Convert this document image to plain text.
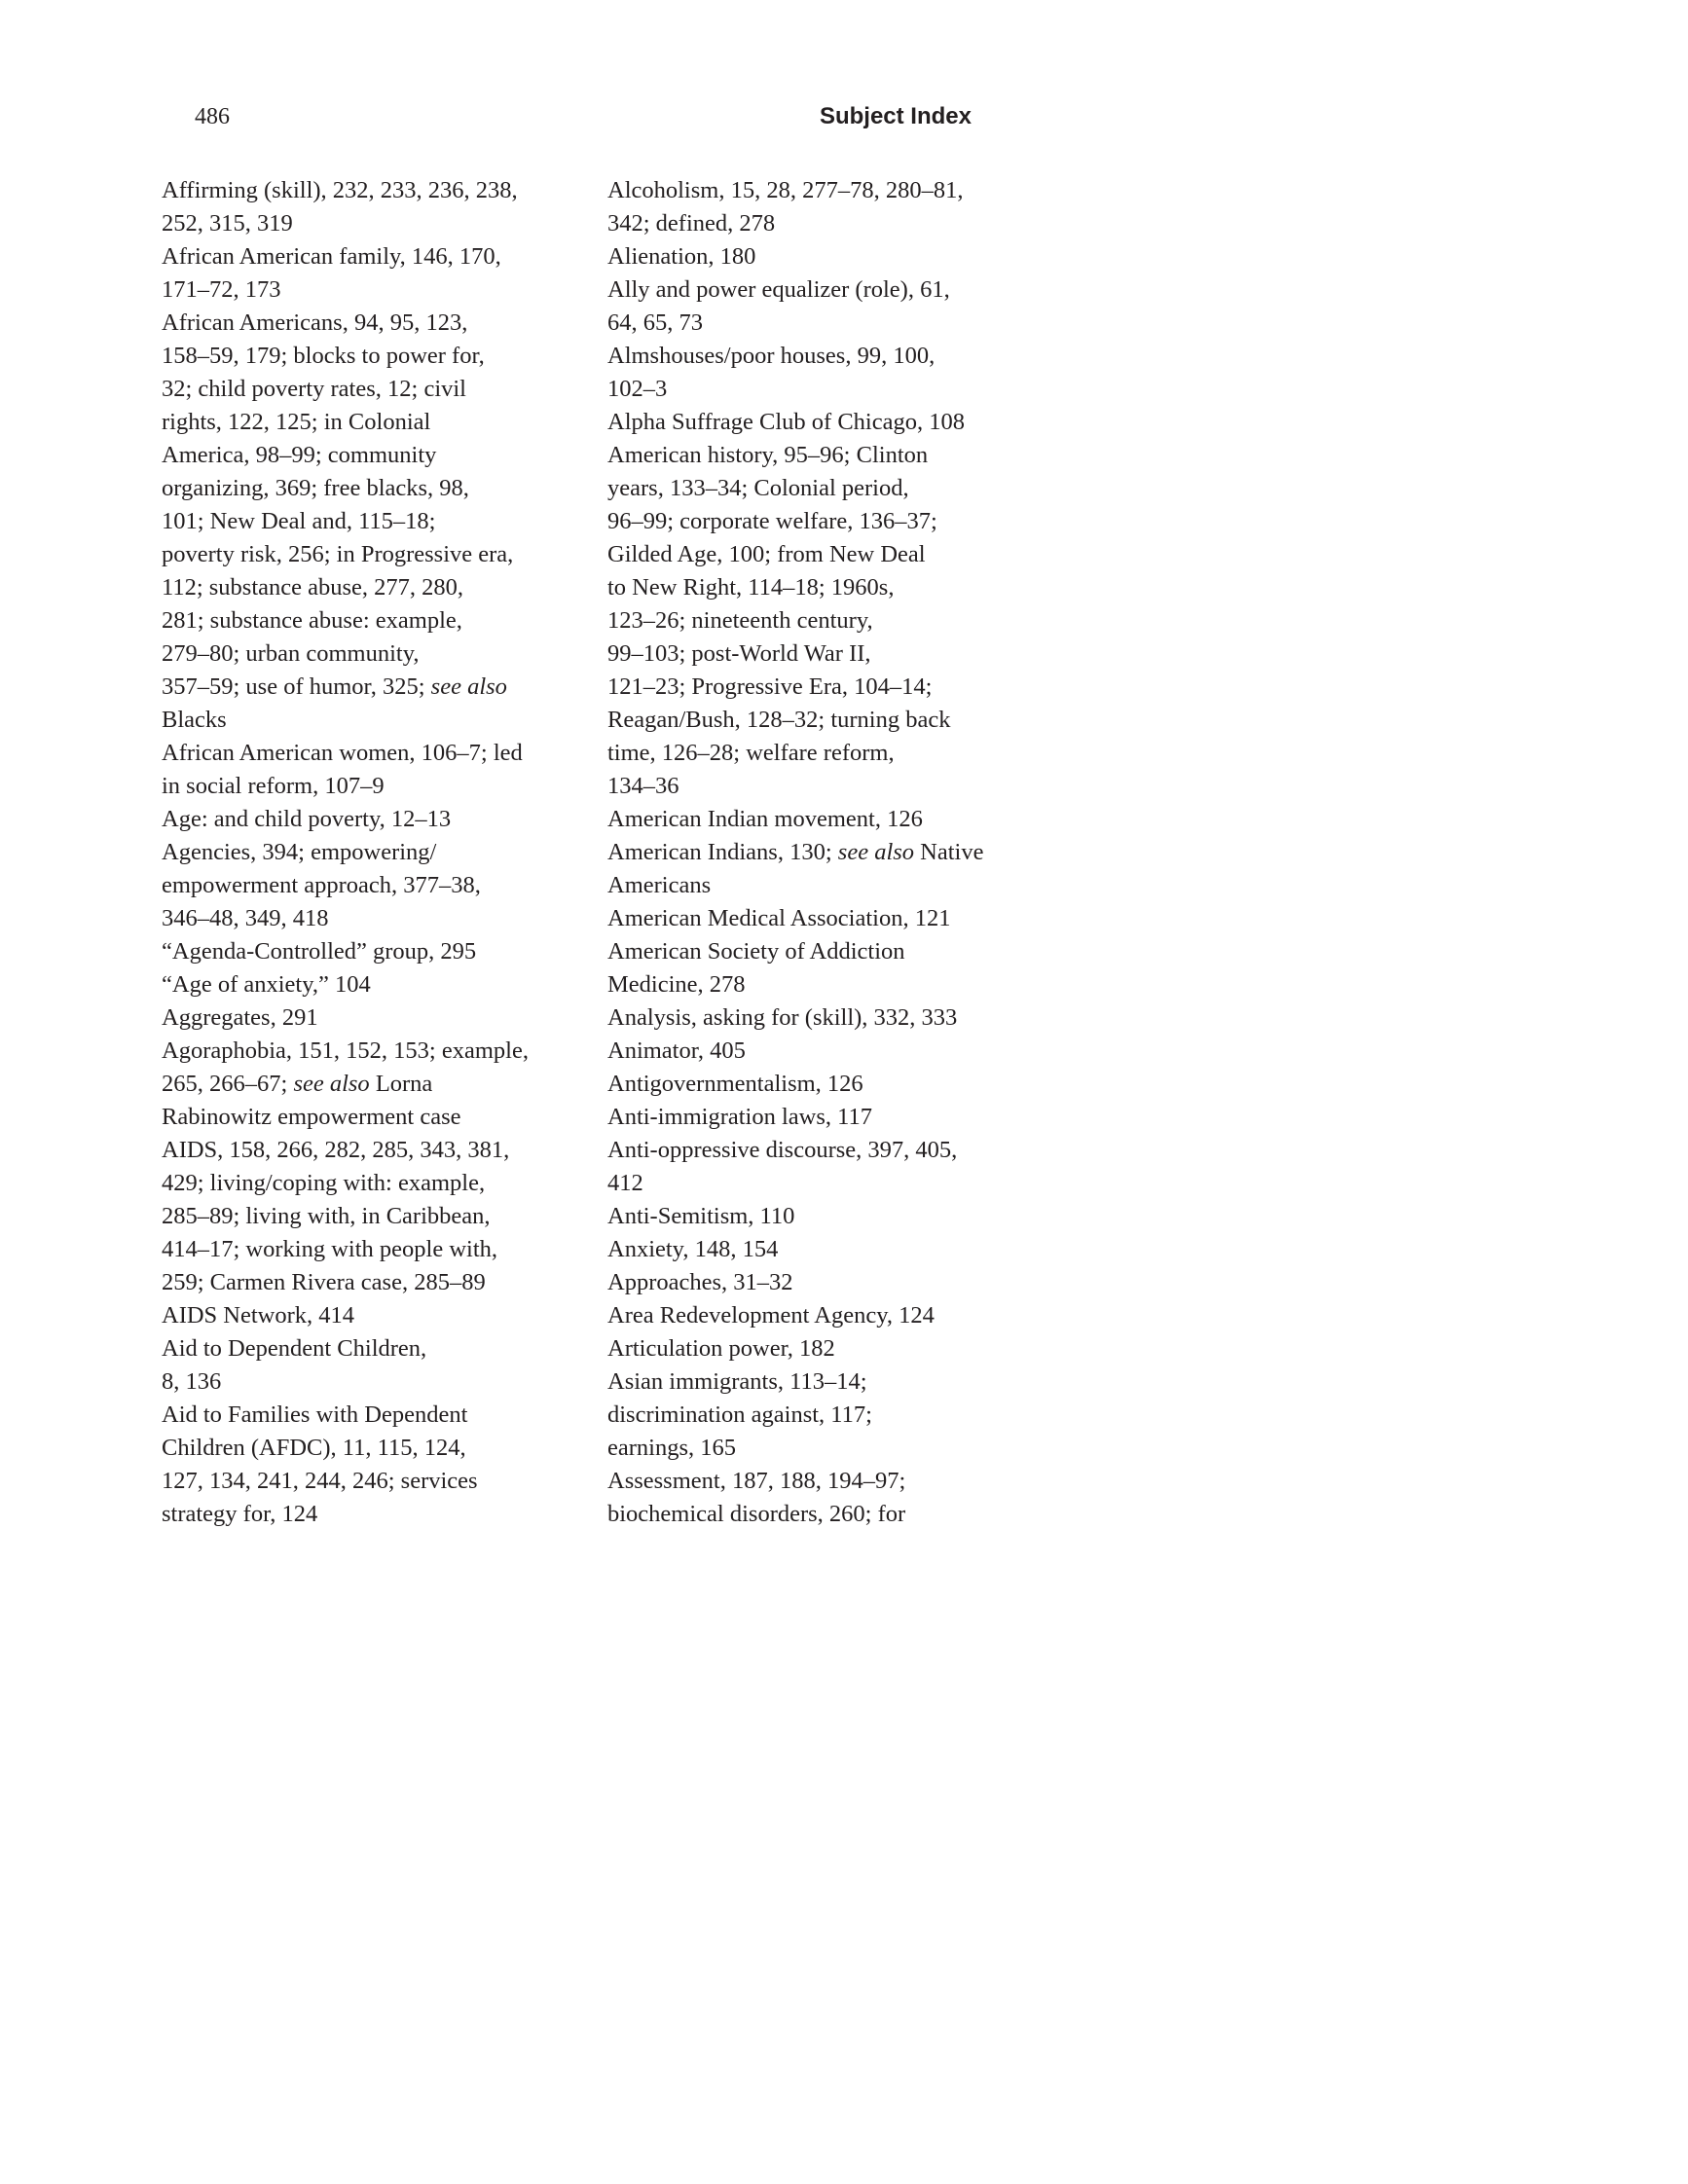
486	Subject Index
Affirming (skill), 232, 233, 236, 238,
252, 315, 319
African American family, 146, 170,
171–72, 173
African Americans, 94, 95, 123,
158–59, 179; blocks to power for,
32; child poverty rates, 12; civil
rights, 122, 125; in Colonial
America, 98–99; community
organizing, 369; free blacks, 98,
101; New Deal and, 115–18;
poverty risk, 256; in Progressive era,
112; substance abuse, 277, 280,
281; substance abuse: example,
279–80; urban community,
357–59; use of humor, 325; see also
Blacks
African American women, 106–7; led
in social reform, 107–9
Age: and child poverty, 12–13
Agencies, 394; empowering/
empowerment approach, 377–38,
346–48, 349, 418
“Agenda-Controlled” group, 295
“Age of anxiety,” 104
Aggregates, 291
Agoraphobia, 151, 152, 153; example,
265, 266–67; see also Lorna
Rabinowitz empowerment case
AIDS, 158, 266, 282, 285, 343, 381,
429; living/coping with: example,
285–89; living with, in Caribbean,
414–17; working with people with,
259; Carmen Rivera case, 285–89
AIDS Network, 414
Aid to Dependent Children,
8, 136
Aid to Families with Dependent
Children (AFDC), 11, 115, 124,
127, 134, 241, 244, 246; services
strategy for, 124
Alcoholism, 15, 28, 277–78, 280–81,
342; defined, 278
Alienation, 180
Ally and power equalizer (role), 61,
64, 65, 73
Almshouses/poor houses, 99, 100,
102–3
Alpha Suffrage Club of Chicago, 108
American history, 95–96; Clinton
years, 133–34; Colonial period,
96–99; corporate welfare, 136–37;
Gilded Age, 100; from New Deal
to New Right, 114–18; 1960s,
123–26; nineteenth century,
99–103; post-World War II,
121–23; Progressive Era, 104–14;
Reagan/Bush, 128–32; turning back
time, 126–28; welfare reform,
134–36
American Indian movement, 126
American Indians, 130; see also Native
Americans
American Medical Association, 121
American Society of Addiction
Medicine, 278
Analysis, asking for (skill), 332, 333
Animator, 405
Antigovernmentalism, 126
Anti-immigration laws, 117
Anti-oppressive discourse, 397, 405,
412
Anti-Semitism, 110
Anxiety, 148, 154
Approaches, 31–32
Area Redevelopment Agency, 124
Articulation power, 182
Asian immigrants, 113–14;
discrimination against, 117;
earnings, 165
Assessment, 187, 188, 194–97;
biochemical disorders, 260; for
